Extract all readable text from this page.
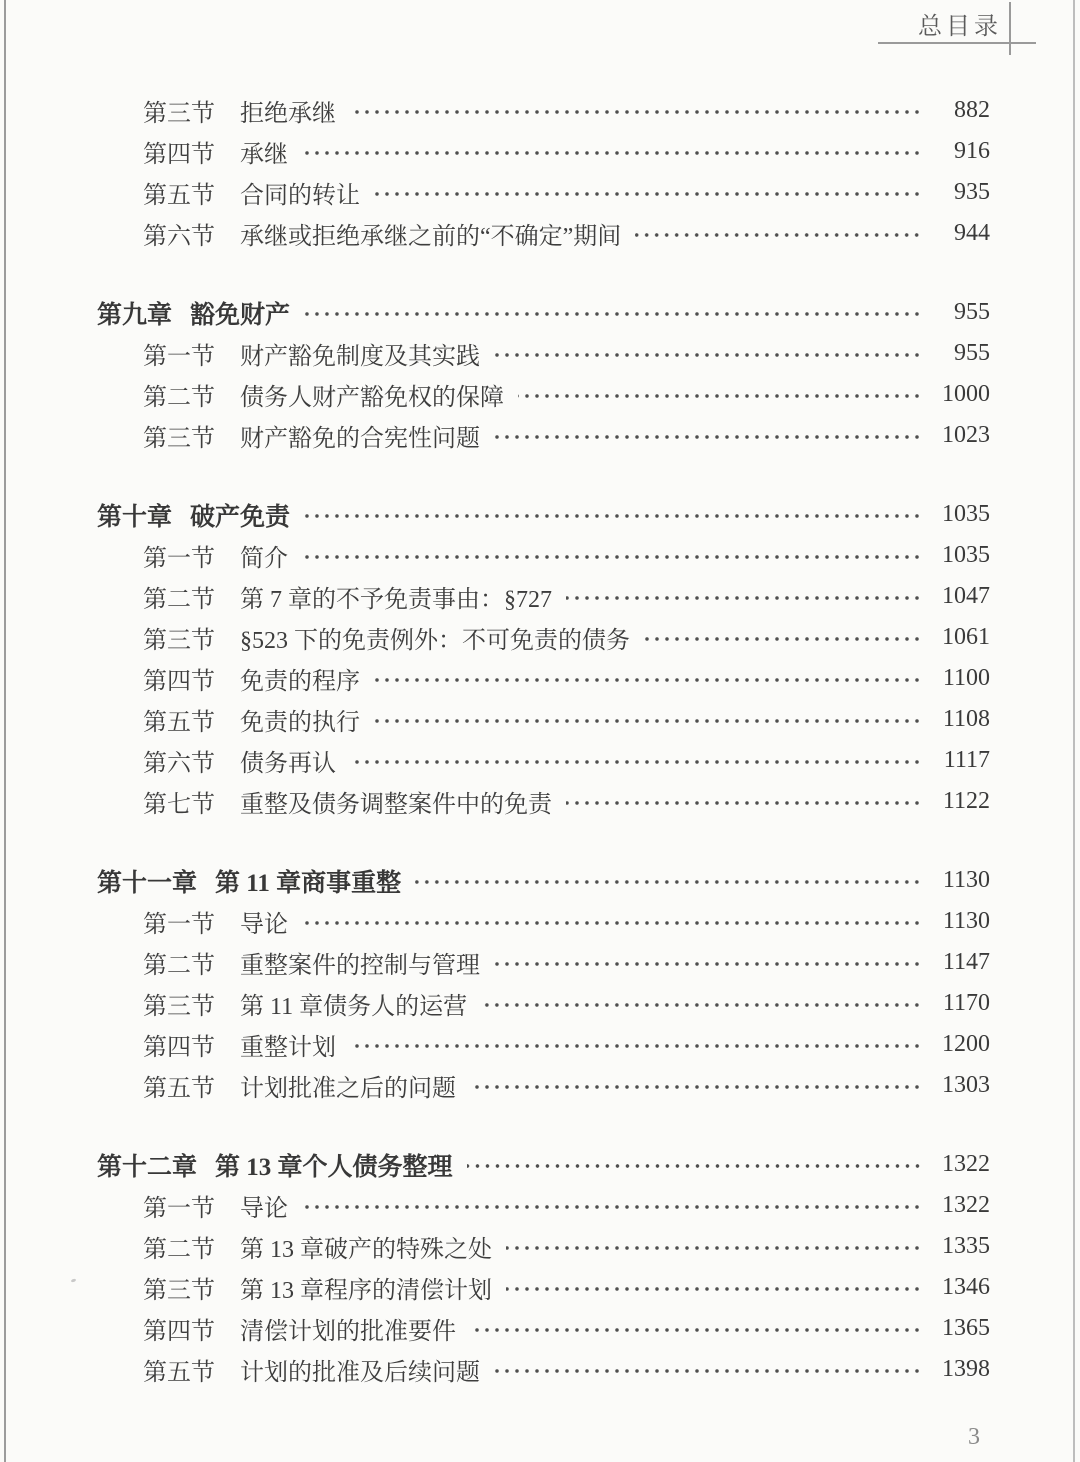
总目录
第三节 拒绝承继	882
第四节 承继	916
第五节 合同的转让	935
第六节 承继或拒绝承继之前的“不确定”期间	944
第九章 豁免财产	955
第一节 财产豁免制度及其实践	955
第二节 债务人财产豁免权的保障	1000
第三节 财产豁免的合宪性问题	1023
第十章 破产免责	1035
第一节 简介	1035
第二节 第 7 章的不予免责事由：§727	1047
第三节 §523 下的免责例外：不可免责的债务	1061
第四节 免责的程序	1100
第五节 免责的执行	1108
第六节 债务再认	1117
第七节 重整及债务调整案件中的免责	1122
第十一章 第 11 章商事重整	1130
第一节 导论	1130
第二节 重整案件的控制与管理	1147
第三节 第 11 章债务人的运营	1170
第四节 重整计划	1200
第五节 计划批准之后的问题	1303
第十二章 第 13 章个人债务整理	1322
第一节 导论	1322
第二节 第 13 章破产的特殊之处	1335
第三节 第 13 章程序的清偿计划	1346
第四节 清偿计划的批准要件	1365
第五节 计划的批准及后续问题	1398
3
